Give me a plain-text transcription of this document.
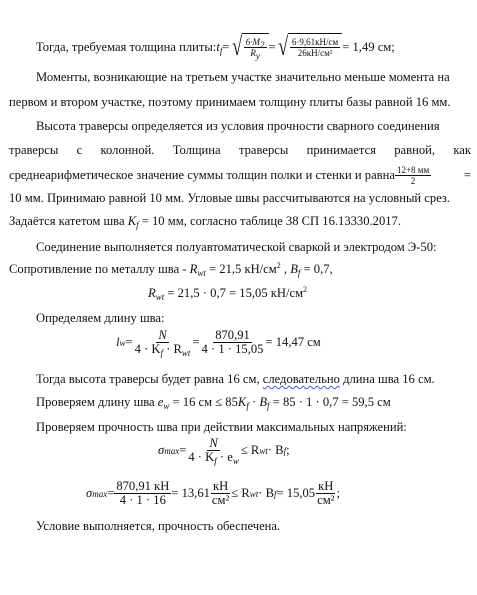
Тогда, требуемая толщина плиты: $t_f$ = √ $\frac{6\cdot M_2}{R_y}$ = √ $\frac{6\cdot 9,61кН/см}{\text{26кН/см²}} = 1,49$ см;
Моменты, возникающие на третьем участке значительно меньше момента на
первом и втором участке, поэтому принимаем толщину плиты базы равной 16 мм.
Высота траверсы определяется из условия прочности сварного соединения
траверсы с колонной. Толщина траверсы принимается равной, как
среднеарифметическое значение суммы толщин полки и стенки и равна $\frac{12+8 мм}{2}$	=
10 мм. Принимаю равной 10 мм. Угловые швы рассчитываются на условный срез.
Задаётся катетом шва $K_f = 10$ мм, согласно таблице 38 СП 16.13330.2017.
Соединение выполняется полуавтоматической сваркой и электродом Э-50:
Сопротивление по металлу шва - $R_{wt} = 21,5$ $кН/см^2$ , $B_f = 0,7$,
$R_{wt} = 21,5 \cdot 0,7 = 15,05$ $кН/см^2$
Определяем длину шва:
l $w = \frac{N}{4 \cdot K_f \cdot R_{wt}} = \frac{870,91}{4 \cdot 1 \cdot 15,05} = 14,47$ см
Тогда высота траверсы будет равна 16 см, следовательно длина шва 16 см.
Проверяем длину шва $e_w = 16$ см ≤ $85K_f \cdot B_f = 85 \cdot 1 \cdot 0,7 = 59,5$ см
Проверяем прочность шва при действии максимальных напряжений:
σ $\max = \frac{N}{4 \cdot K_f \cdot e_w} \le R$ wt · B f ;
σ $\max = \frac{870,91 кН}{4 \cdot 1 \cdot 16} = 13,61 \frac{кН}{\text{см²}} \le R$ wt · B $f = 15,05 \frac{кН}{\text{см²}}$ ;
Условие выполняется, прочность обеспечена.
